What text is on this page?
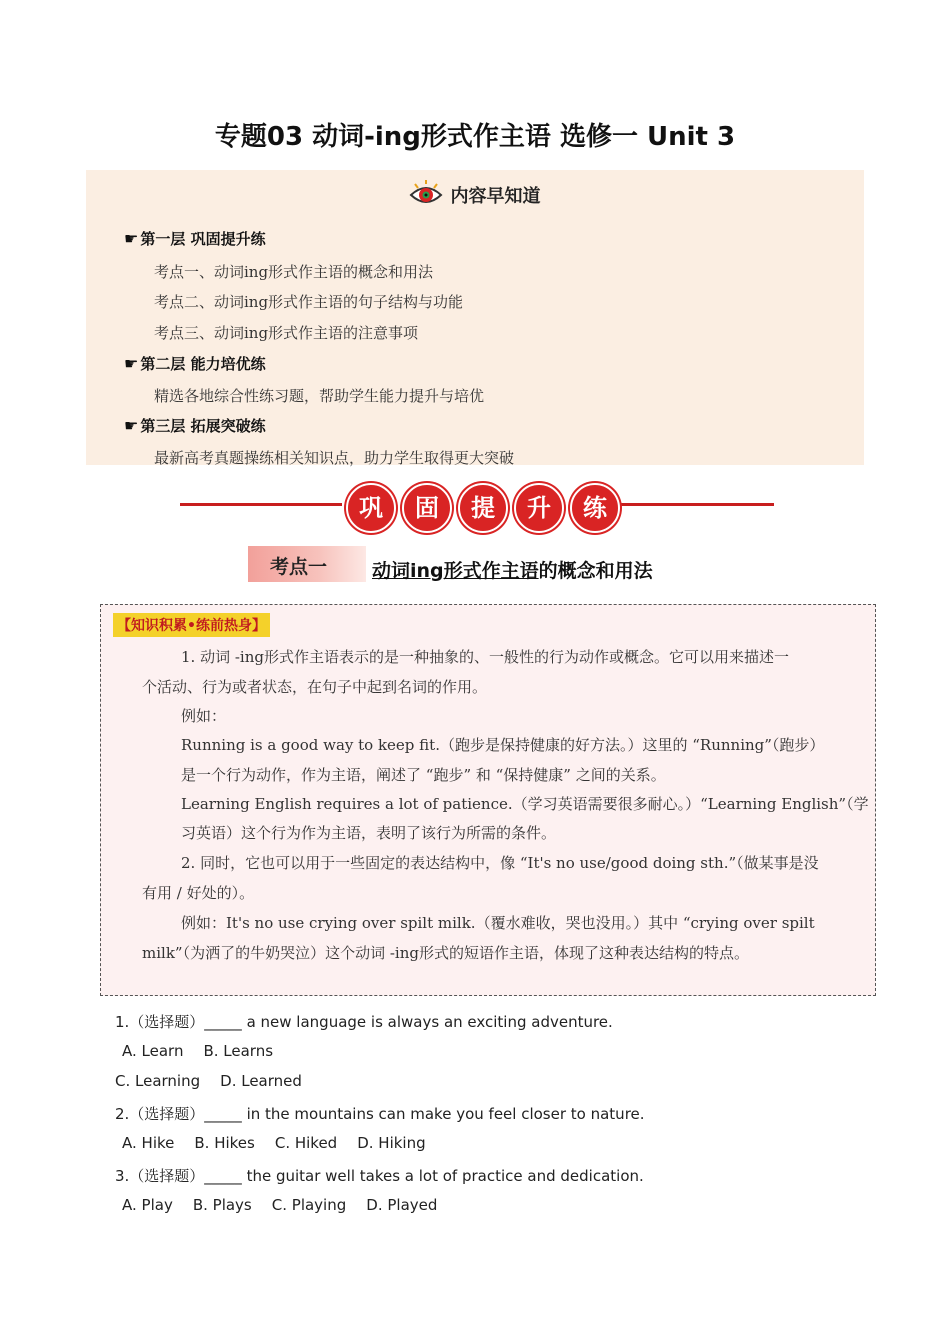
专题03 动词-ing形式作主语 选修一 Unit 3
内容早知道
☛ 第一层 巩固提升练
考点一、动词ing形式作主语的概念和用法
考点二、动词ing形式作主语的句子结构与功能
考点三、动词ing形式作主语的注意事项
☛ 第二层 能力培优练
精选各地综合性练习题，帮助学生能力提升与培优
☛ 第三层 拓展突破练
最新高考真题操练相关知识点，助力学生取得更大突破
巩	固	提	升	练
考点一 动词ing形式作主语的概念和用法
【知识积累•练前热身】
1. 动词 -ing形式作主语表示的是一种抽象的、一般性的行为动作或概念。它可以用来描述一
个活动、行为或者状态，在句子中起到名词的作用。
例如：
Running is a good way to keep fit.（跑步是保持健康的好方法。）这里的 “Running”（跑步）
是一个行为动作，作为主语，阐述了 “跑步” 和 “保持健康” 之间的关系。
Learning English requires a lot of patience.（学习英语需要很多耐心。）“Learning English”（学
习英语）这个行为作为主语，表明了该行为所需的条件。
2. 同时，它也可以用于一些固定的表达结构中，像 “It's no use/good doing sth.”（做某事是没
有用 / 好处的）。
例如：It's no use crying over spilt milk.（覆水难收，哭也没用。）其中 “crying over spilt
milk”（为洒了的牛奶哭泣）这个动词 -ing形式的短语作主语，体现了这种表达结构的特点。
1.（选择题）_____ a new language is always an exciting adventure.
A. Learn B. Learns
C. Learning D. Learned
2.（选择题）_____ in the mountains can make you feel closer to nature.
A. Hike B. Hikes C. Hiked D. Hiking
3.（选择题）_____ the guitar well takes a lot of practice and dedication.
A. Play B. Plays C. Playing D. Played
